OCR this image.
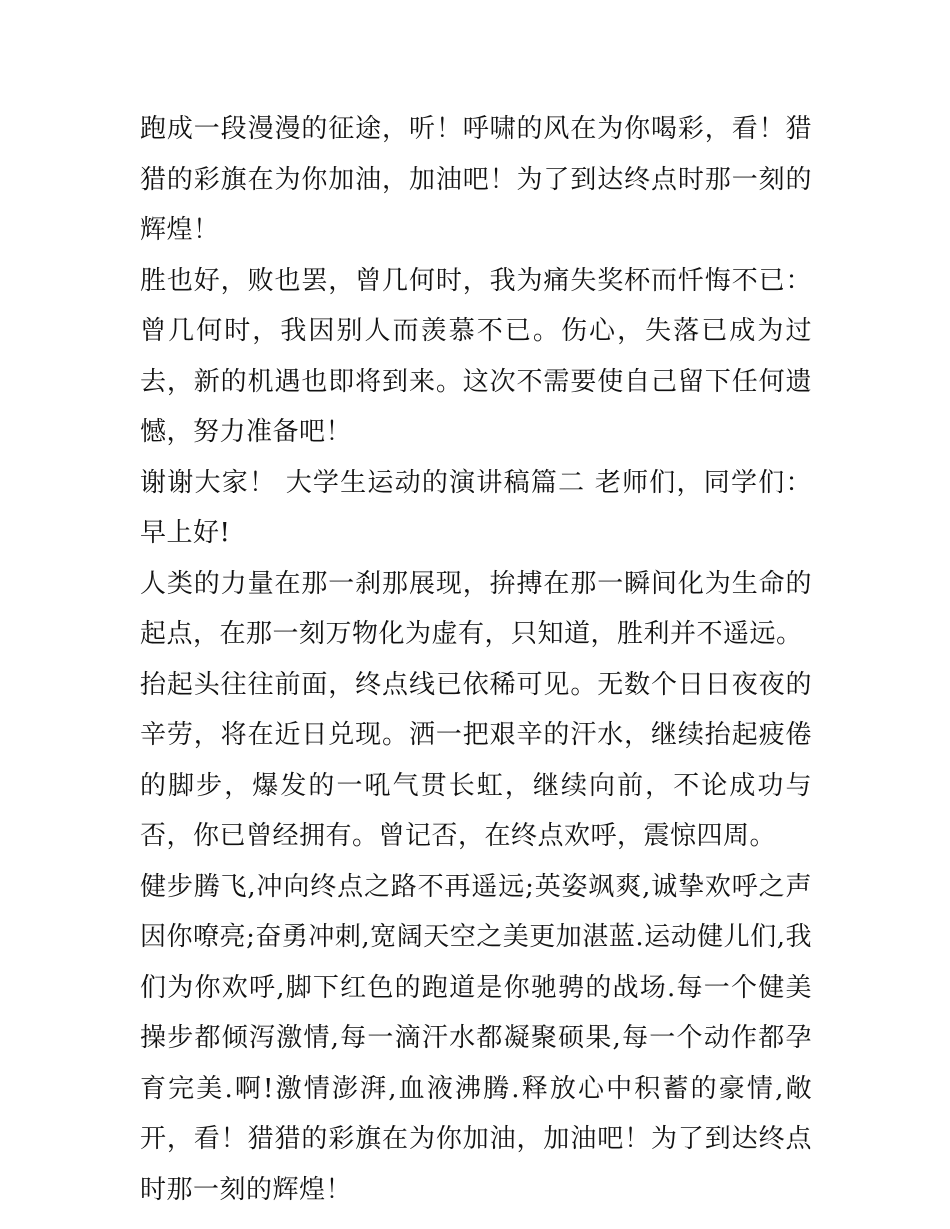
跑成一段漫漫的征途，听！呼啸的风在为你喝彩，看！猎猎的彩旗在为你加油，加油吧！为了到达终点时那一刻的辉煌！

胜也好，败也罢，曾几何时，我为痛失奖杯而忏悔不已：曾几何时，我因别人而羡慕不已。伤心，失落已成为过去，新的机遇也即将到来。这次不需要使自己留下任何遗憾，努力准备吧！

谢谢大家！ 大学生运动的演讲稿篇二 老师们，同学们： 早上好!

人类的力量在那一刹那展现，拚搏在那一瞬间化为生命的起点，在那一刻万物化为虚有，只知道，胜利并不遥远。

抬起头往往前面，终点线已依稀可见。无数个日日夜夜的辛劳，将在近日兑现。洒一把艰辛的汗水，继续抬起疲倦的脚步，爆发的一吼气贯长虹，继续向前，不论成功与否，你已曾经拥有。曾记否，在终点欢呼，震惊四周。

健步腾飞,冲向终点之路不再遥远;英姿飒爽,诚挚欢呼之声因你嘹亮;奋勇冲刺,宽阔天空之美更加湛蓝.运动健儿们,我们为你欢呼,脚下红色的跑道是你驰骋的战场.每一个健美操步都倾泻激情,每一滴汗水都凝聚硕果,每一个动作都孕育完美.啊!激情澎湃,血液沸腾.释放心中积蓄的豪情,敞开，看！猎猎的彩旗在为你加油，加油吧！为了到达终点时那一刻的辉煌！
